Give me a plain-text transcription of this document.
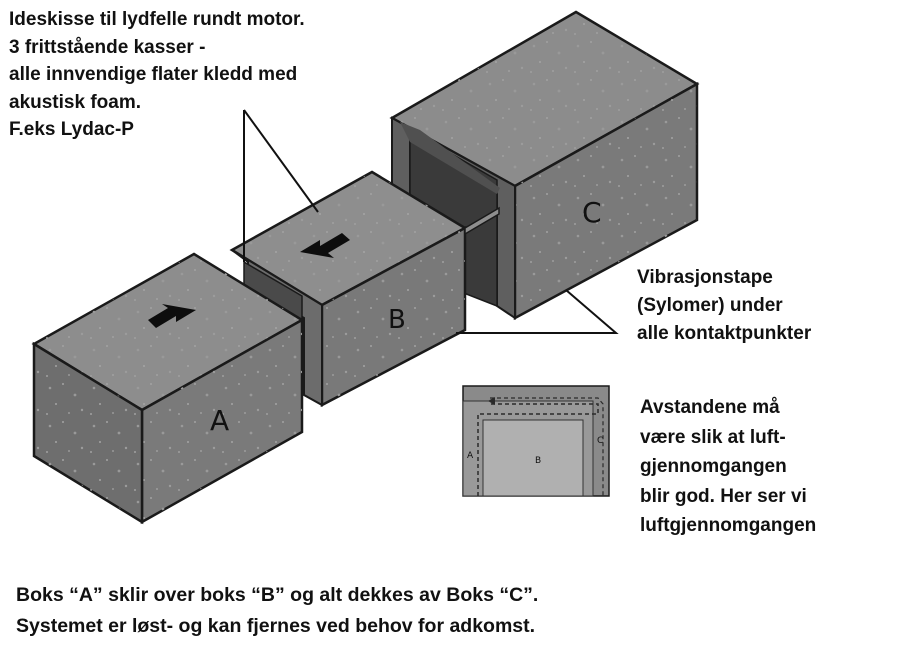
C
B
A
A	B
C
Ideskisse til lydfelle rundt motor.
3 frittstående kasser -
alle innvendige flater kledd med
akustisk foam.
F.eks Lydac-P
Vibrasjonstape
(Sylomer) under
alle kontaktpunkter
Avstandene må
være slik at luft-
gjennomgangen
blir god. Her ser vi
luftgjennomgangen
Boks “A” sklir over boks “B” og alt dekkes av Boks “C”.
Systemet er løst- og kan fjernes ved behov for adkomst.
